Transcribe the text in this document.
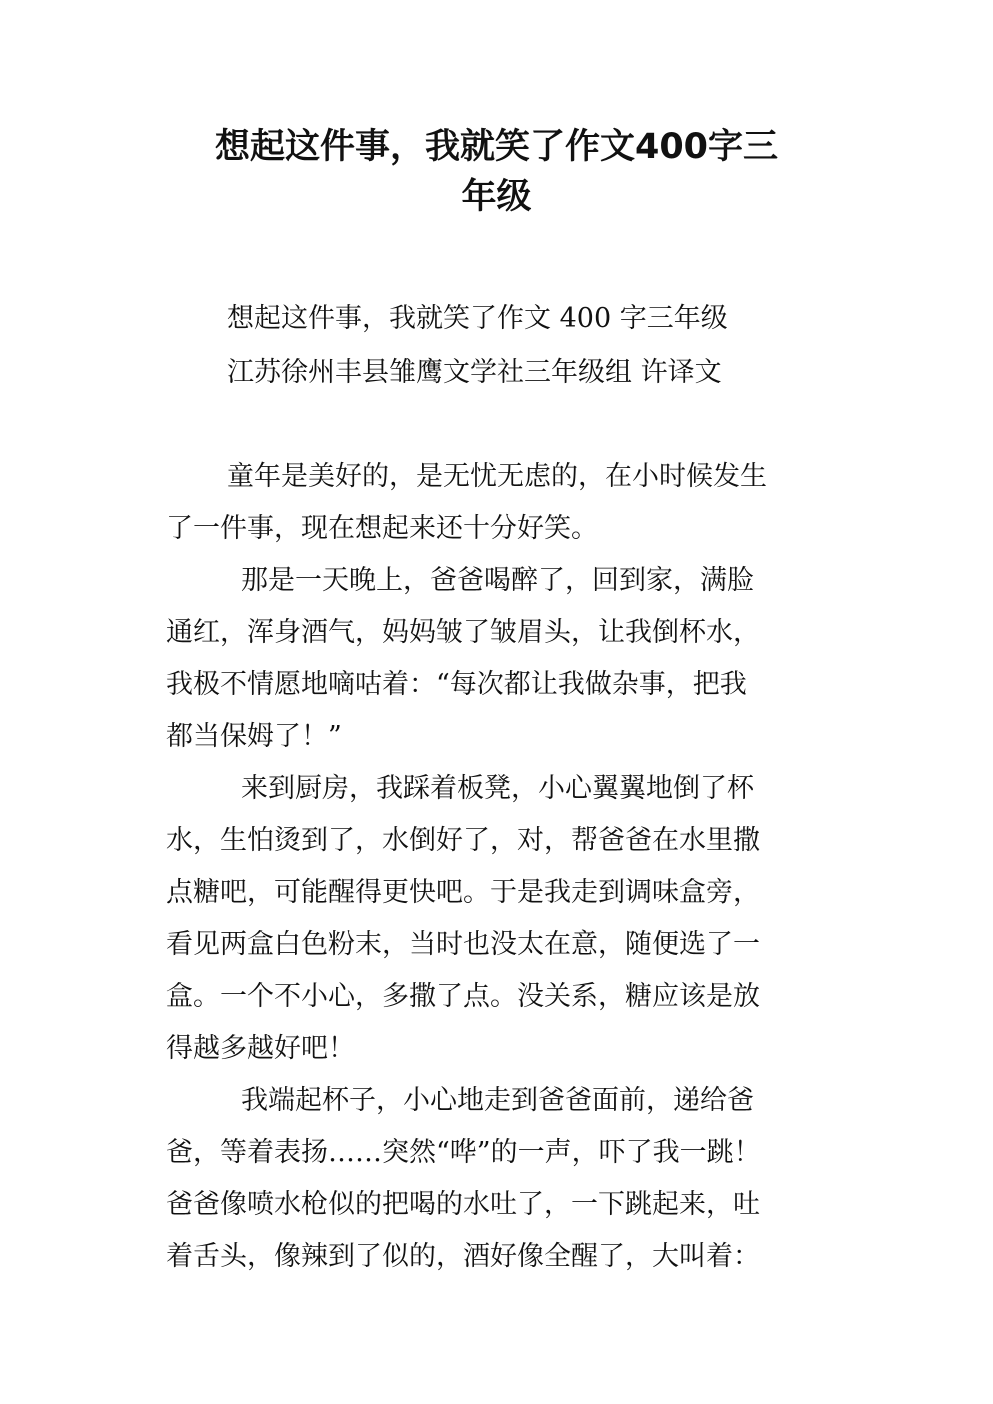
想起这件事，我就笑了作文400字三
年级
想起这件事，我就笑了作文 400 字三年级
江苏徐州丰县雏鹰文学社三年级组 许译文
童年是美好的，是无忧无虑的，在小时候发生
了一件事，现在想起来还十分好笑。
那是一天晚上，爸爸喝醉了，回到家，满脸
通红，浑身酒气，妈妈皱了皱眉头，让我倒杯水，
我极不情愿地嘀咕着：“每次都让我做杂事，把我
都当保姆了！”
来到厨房，我踩着板凳，小心翼翼地倒了杯
水，生怕烫到了，水倒好了，对，帮爸爸在水里撒
点糖吧，可能醒得更快吧。于是我走到调味盒旁，
看见两盒白色粉末，当时也没太在意，随便选了一
盒。一个不小心，多撒了点。没关系，糖应该是放
得越多越好吧！
我端起杯子，小心地走到爸爸面前，递给爸
爸，等着表扬……突然“哗”的一声，吓了我一跳！
爸爸像喷水枪似的把喝的水吐了，一下跳起来，吐
着舌头，像辣到了似的，酒好像全醒了，大叫着：
